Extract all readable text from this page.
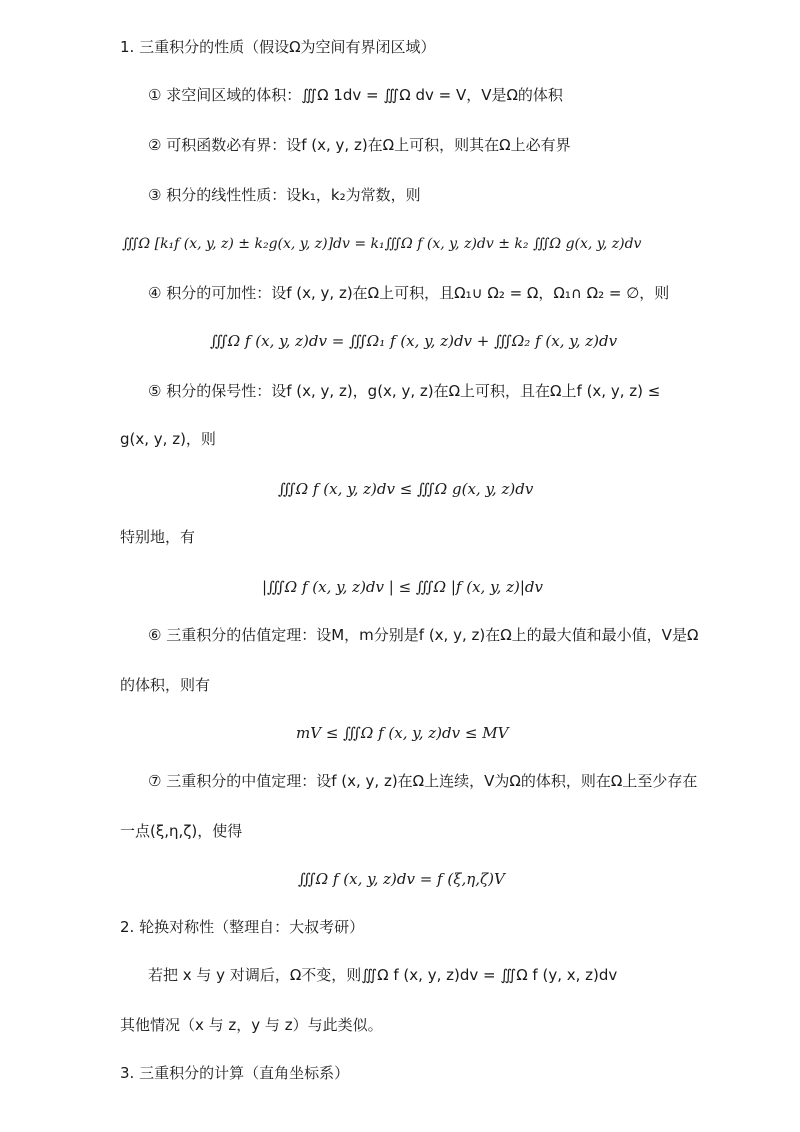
1. 三重积分的性质（假设Ω为空间有界闭区域）
① 求空间区域的体积：∭Ω 1dv = ∭Ω dv = V，V是Ω的体积
② 可积函数必有界：设f (x, y, z)在Ω上可积，则其在Ω上必有界
③ 积分的线性性质：设k₁，k₂为常数，则
∭Ω [k₁f (x, y, z) ± k₂g(x, y, z)]dv = k₁∭Ω f (x, y, z)dv ± k₂ ∭Ω g(x, y, z)dv
④ 积分的可加性：设f (x, y, z)在Ω上可积，且Ω₁∪ Ω₂ = Ω，Ω₁∩ Ω₂ = ∅，则
∭Ω f (x, y, z)dv = ∭Ω₁ f (x, y, z)dv + ∭Ω₂ f (x, y, z)dv
⑤ 积分的保号性：设f (x, y, z)，g(x, y, z)在Ω上可积，且在Ω上f (x, y, z) ≤
g(x, y, z)，则
∭Ω f (x, y, z)dv ≤ ∭Ω g(x, y, z)dv
特别地，有
|∭Ω f (x, y, z)dv | ≤ ∭Ω |f (x, y, z)|dv
⑥ 三重积分的估值定理：设M，m分别是f (x, y, z)在Ω上的最大值和最小值，V是Ω
的体积，则有
mV ≤ ∭Ω f (x, y, z)dv ≤ MV
⑦ 三重积分的中值定理：设f (x, y, z)在Ω上连续，V为Ω的体积，则在Ω上至少存在
一点(ξ,η,ζ)，使得
∭Ω f (x, y, z)dv = f (ξ,η,ζ)V
2. 轮换对称性（整理自：大叔考研）
若把 x 与 y 对调后，Ω不变，则∭Ω f (x, y, z)dv = ∭Ω f (y, x, z)dv
其他情况（x 与 z，y 与 z）与此类似。
3. 三重积分的计算（直角坐标系）
